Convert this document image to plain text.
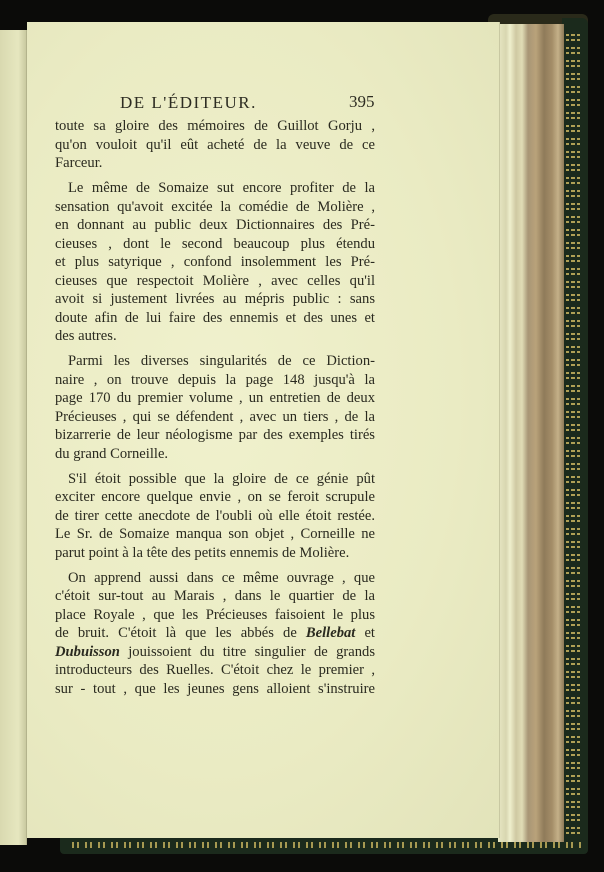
DE L'ÉDITEUR.	395
toute sa gloire des mémoires de Guillot Gorju ,
qu'on vouloit qu'il eût acheté de la veuve de ce
Farceur.
Le même de Somaize sut encore profiter de la
sensation qu'avoit excitée la comédie de Molière ,
en donnant au public deux Dictionnaires des Pré-
cieuses , dont le second beaucoup plus étendu
et plus satyrique , confond insolemment les Pré-
cieuses que respectoit Molière , avec celles qu'il
avoit si justement livrées au mépris public : sans
doute afin de lui faire des ennemis et des unes et
des autres.
Parmi les diverses singularités de ce Diction-
naire , on trouve depuis la page 148 jusqu'à la
page 170 du premier volume , un entretien de deux
Précieuses , qui se défendent , avec un tiers , de la
bizarrerie de leur néologisme par des exemples tirés
du grand Corneille.
S'il étoit possible que la gloire de ce génie pût
exciter encore quelque envie , on se feroit scrupule
de tirer cette anecdote de l'oubli où elle étoit restée.
Le Sr. de Somaize manqua son objet , Corneille ne
parut point à la tête des petits ennemis de Molière.
On apprend aussi dans ce même ouvrage , que
c'étoit sur-tout au Marais , dans le quartier de la
place Royale , que les Précieuses faisoient le plus
de bruit. C'étoit là que les abbés de Bellebat et
Dubuisson jouissoient du titre singulier de grands
introducteurs des Ruelles. C'étoit chez le premier ,
sur - tout , que les jeunes gens alloient s'instruire
